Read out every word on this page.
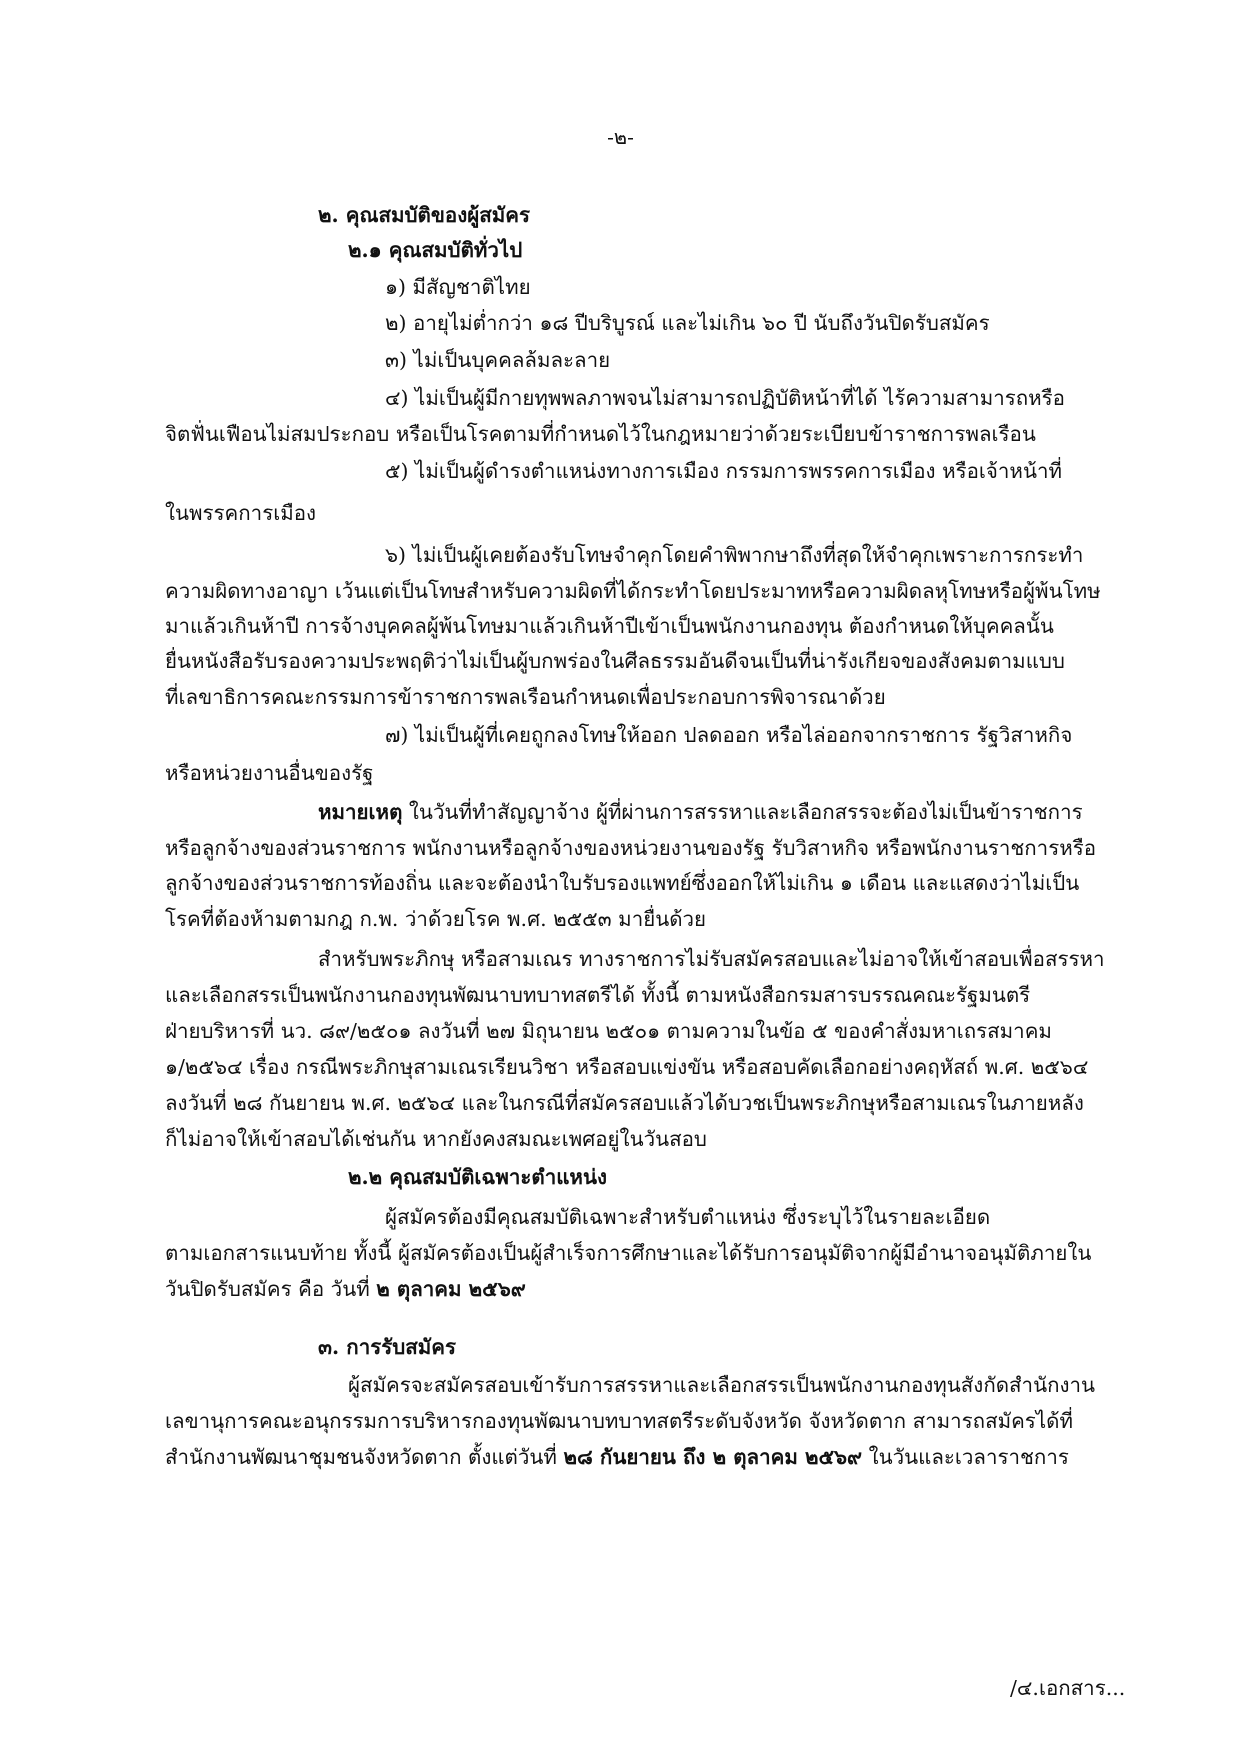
-๒-
๒. คุณสมบัติของผู้สมัคร
๒.๑ คุณสมบัติทั่วไป
๑) มีสัญชาติไทย
๒) อายุไม่ต่ำกว่า ๑๘ ปีบริบูรณ์ และไม่เกิน ๖๐ ปี นับถึงวันปิดรับสมัคร
๓) ไม่เป็นบุคคลล้มละลาย
๔) ไม่เป็นผู้มีกายทุพพลภาพจนไม่สามารถปฏิบัติหน้าที่ได้ ไร้ความสามารถหรือ
จิตฟั่นเฟือนไม่สมประกอบ หรือเป็นโรคตามที่กำหนดไว้ในกฎหมายว่าด้วยระเบียบข้าราชการพลเรือน
๕) ไม่เป็นผู้ดำรงตำแหน่งทางการเมือง กรรมการพรรคการเมือง หรือเจ้าหน้าที่
ในพรรคการเมือง
๖) ไม่เป็นผู้เคยต้องรับโทษจำคุกโดยคำพิพากษาถึงที่สุดให้จำคุกเพราะการกระทำ
ความผิดทางอาญา เว้นแต่เป็นโทษสำหรับความผิดที่ได้กระทำโดยประมาทหรือความผิดลหุโทษหรือผู้พ้นโทษ
มาแล้วเกินห้าปี การจ้างบุคคลผู้พ้นโทษมาแล้วเกินห้าปีเข้าเป็นพนักงานกองทุน ต้องกำหนดให้บุคคลนั้น
ยื่นหนังสือรับรองความประพฤติว่าไม่เป็นผู้บกพร่องในศีลธรรมอันดีจนเป็นที่น่ารังเกียจของสังคมตามแบบ
ที่เลขาธิการคณะกรรมการข้าราชการพลเรือนกำหนดเพื่อประกอบการพิจารณาด้วย
๗) ไม่เป็นผู้ที่เคยถูกลงโทษให้ออก ปลดออก หรือไล่ออกจากราชการ รัฐวิสาหกิจ
หรือหน่วยงานอื่นของรัฐ
หมายเหตุ ในวันที่ทำสัญญาจ้าง ผู้ที่ผ่านการสรรหาและเลือกสรรจะต้องไม่เป็นข้าราชการ
หรือลูกจ้างของส่วนราชการ พนักงานหรือลูกจ้างของหน่วยงานของรัฐ รับวิสาหกิจ หรือพนักงานราชการหรือ
ลูกจ้างของส่วนราชการท้องถิ่น และจะต้องนำใบรับรองแพทย์ซึ่งออกให้ไม่เกิน ๑ เดือน และแสดงว่าไม่เป็น
โรคที่ต้องห้ามตามกฎ ก.พ. ว่าด้วยโรค พ.ศ. ๒๕๕๓ มายื่นด้วย
สำหรับพระภิกษุ หรือสามเณร ทางราชการไม่รับสมัครสอบและไม่อาจให้เข้าสอบเพื่อสรรหา
และเลือกสรรเป็นพนักงานกองทุนพัฒนาบทบาทสตรีได้ ทั้งนี้ ตามหนังสือกรมสารบรรณคณะรัฐมนตรี
ฝ่ายบริหารที่ นว. ๘๙/๒๕๐๑ ลงวันที่ ๒๗ มิถุนายน ๒๕๐๑ ตามความในข้อ ๕ ของคำสั่งมหาเถรสมาคม
๑/๒๕๖๔ เรื่อง กรณีพระภิกษุสามเณรเรียนวิชา หรือสอบแข่งขัน หรือสอบคัดเลือกอย่างคฤหัสถ์ พ.ศ. ๒๕๖๔
ลงวันที่ ๒๘ กันยายน พ.ศ. ๒๕๖๔ และในกรณีที่สมัครสอบแล้วได้บวชเป็นพระภิกษุหรือสามเณรในภายหลัง
ก็ไม่อาจให้เข้าสอบได้เช่นกัน หากยังคงสมณะเพศอยู่ในวันสอบ
๒.๒ คุณสมบัติเฉพาะตำแหน่ง
ผู้สมัครต้องมีคุณสมบัติเฉพาะสำหรับตำแหน่ง ซึ่งระบุไว้ในรายละเอียด
ตามเอกสารแนบท้าย ทั้งนี้ ผู้สมัครต้องเป็นผู้สำเร็จการศึกษาและได้รับการอนุมัติจากผู้มีอำนาจอนุมัติภายใน
วันปิดรับสมัคร คือ วันที่ ๒ ตุลาคม ๒๕๖๙
๓. การรับสมัคร
ผู้สมัครจะสมัครสอบเข้ารับการสรรหาและเลือกสรรเป็นพนักงานกองทุนสังกัดสำนักงาน
เลขานุการคณะอนุกรรมการบริหารกองทุนพัฒนาบทบาทสตรีระดับจังหวัด จังหวัดตาก สามารถสมัครได้ที่
สำนักงานพัฒนาชุมชนจังหวัดตาก ตั้งแต่วันที่ ๒๘ กันยายน ถึง ๒ ตุลาคม ๒๕๖๙ ในวันและเวลาราชการ
/๔.เอกสาร...
